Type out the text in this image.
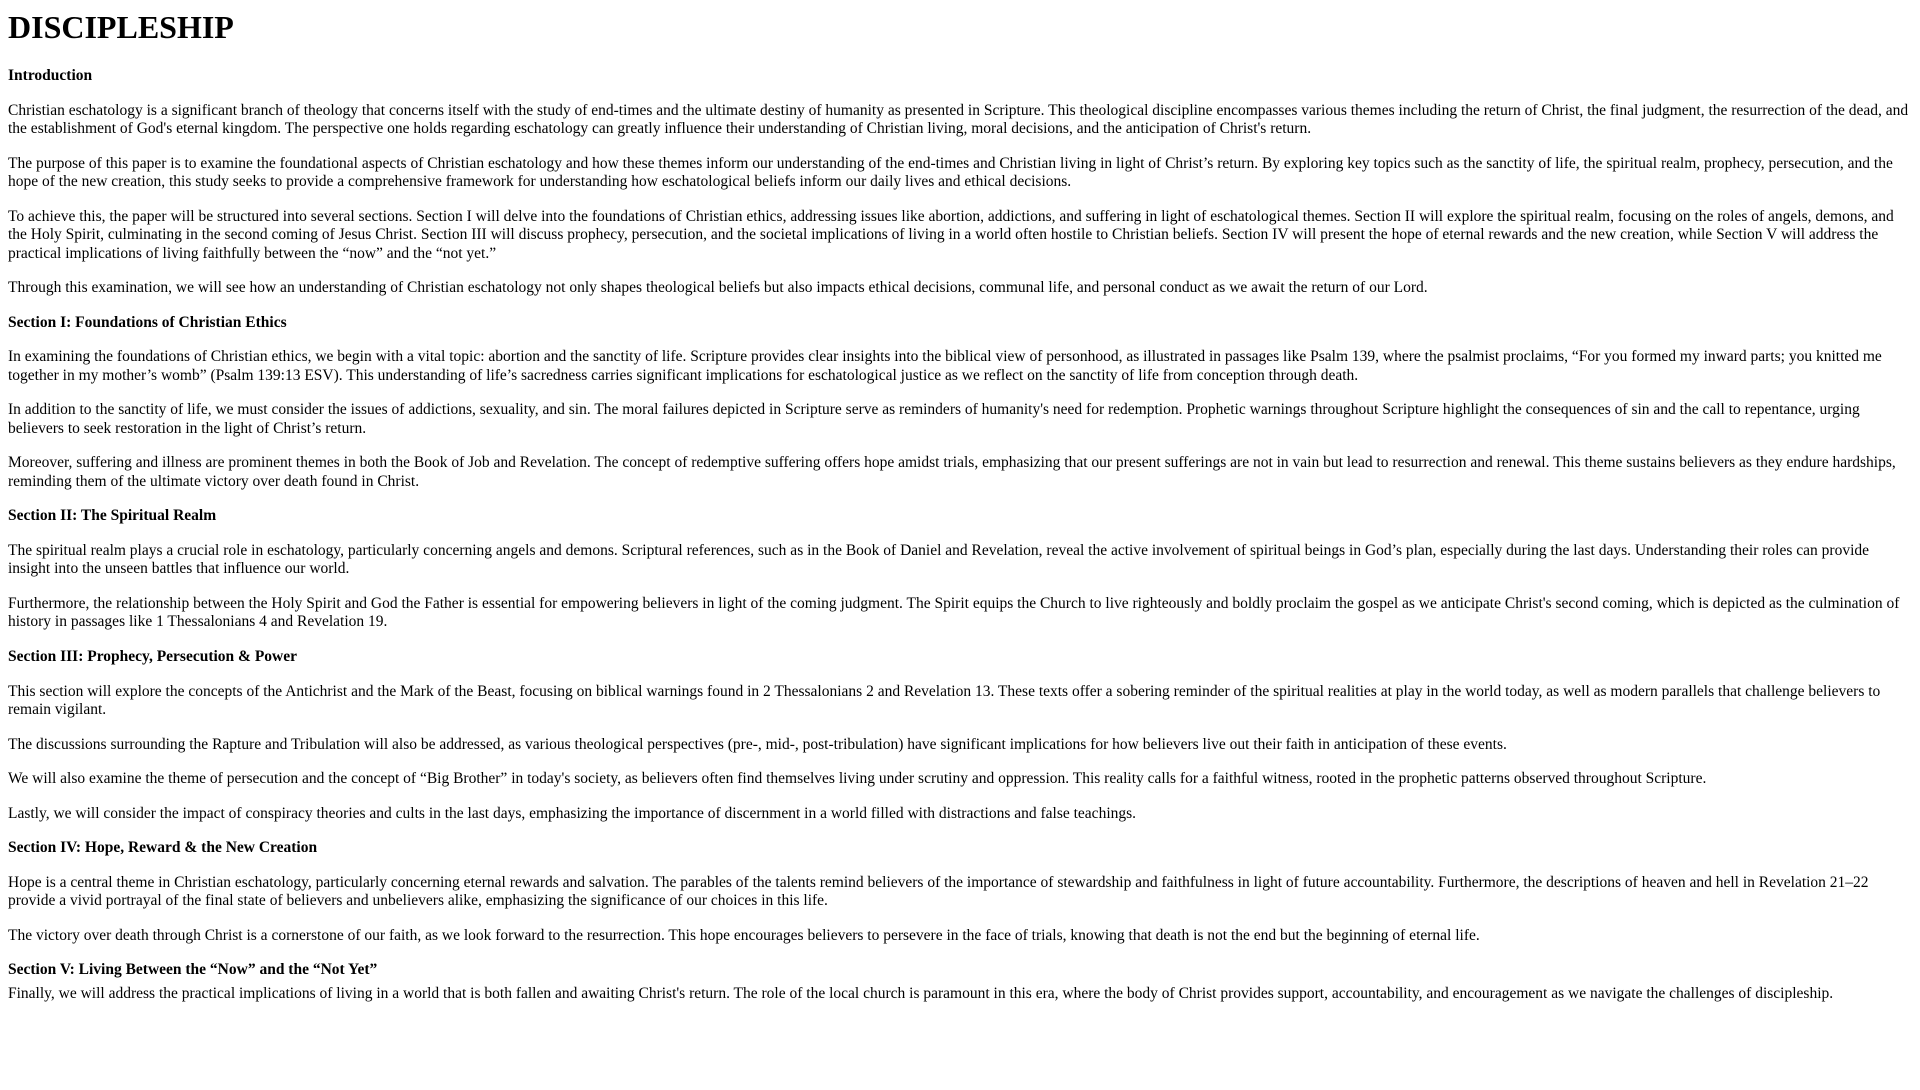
DISCIPLESHIP
Introduction

Christian eschatology is a significant branch of theology that concerns itself with the study of end-times and the ultimate destiny of humanity as presented in Scripture. This theological discipline encompasses various themes including the return of Christ, the final judgment, the resurrection of the dead, and the establishment of God's eternal kingdom. The perspective one holds regarding eschatology can greatly influence their understanding of Christian living, moral decisions, and the anticipation of Christ's return.

The purpose of this paper is to examine the foundational aspects of Christian eschatology and how these themes inform our understanding of the end-times and Christian living in light of Christ’s return. By exploring key topics such as the sanctity of life, the spiritual realm, prophecy, persecution, and the hope of the new creation, this study seeks to provide a comprehensive framework for understanding how eschatological beliefs inform our daily lives and ethical decisions.

To achieve this, the paper will be structured into several sections. Section I will delve into the foundations of Christian ethics, addressing issues like abortion, addictions, and suffering in light of eschatological themes. Section II will explore the spiritual realm, focusing on the roles of angels, demons, and the Holy Spirit, culminating in the second coming of Jesus Christ. Section III will discuss prophecy, persecution, and the societal implications of living in a world often hostile to Christian beliefs. Section IV will present the hope of eternal rewards and the new creation, while Section V will address the practical implications of living faithfully between the “now” and the “not yet.”

Through this examination, we will see how an understanding of Christian eschatology not only shapes theological beliefs but also impacts ethical decisions, communal life, and personal conduct as we await the return of our Lord.

Section I: Foundations of Christian Ethics

In examining the foundations of Christian ethics, we begin with a vital topic: abortion and the sanctity of life. Scripture provides clear insights into the biblical view of personhood, as illustrated in passages like Psalm 139, where the psalmist proclaims, “For you formed my inward parts; you knitted me together in my mother’s womb” (Psalm 139:13 ESV). This understanding of life’s sacredness carries significant implications for eschatological justice as we reflect on the sanctity of life from conception through death.

In addition to the sanctity of life, we must consider the issues of addictions, sexuality, and sin. The moral failures depicted in Scripture serve as reminders of humanity's need for redemption. Prophetic warnings throughout Scripture highlight the consequences of sin and the call to repentance, urging believers to seek restoration in the light of Christ’s return.

Moreover, suffering and illness are prominent themes in both the Book of Job and Revelation. The concept of redemptive suffering offers hope amidst trials, emphasizing that our present sufferings are not in vain but lead to resurrection and renewal. This theme sustains believers as they endure hardships, reminding them of the ultimate victory over death found in Christ.

Section II: The Spiritual Realm

The spiritual realm plays a crucial role in eschatology, particularly concerning angels and demons. Scriptural references, such as in the Book of Daniel and Revelation, reveal the active involvement of spiritual beings in God’s plan, especially during the last days. Understanding their roles can provide insight into the unseen battles that influence our world.

Furthermore, the relationship between the Holy Spirit and God the Father is essential for empowering believers in light of the coming judgment. The Spirit equips the Church to live righteously and boldly proclaim the gospel as we anticipate Christ's second coming, which is depicted as the culmination of history in passages like 1 Thessalonians 4 and Revelation 19.

Section III: Prophecy, Persecution & Power

This section will explore the concepts of the Antichrist and the Mark of the Beast, focusing on biblical warnings found in 2 Thessalonians 2 and Revelation 13. These texts offer a sobering reminder of the spiritual realities at play in the world today, as well as modern parallels that challenge believers to remain vigilant.

The discussions surrounding the Rapture and Tribulation will also be addressed, as various theological perspectives (pre-, mid-, post-tribulation) have significant implications for how believers live out their faith in anticipation of these events.

We will also examine the theme of persecution and the concept of “Big Brother” in today's society, as believers often find themselves living under scrutiny and oppression. This reality calls for a faithful witness, rooted in the prophetic patterns observed throughout Scripture.

Lastly, we will consider the impact of conspiracy theories and cults in the last days, emphasizing the importance of discernment in a world filled with distractions and false teachings.

Section IV: Hope, Reward & the New Creation

Hope is a central theme in Christian eschatology, particularly concerning eternal rewards and salvation. The parables of the talents remind believers of the importance of stewardship and faithfulness in light of future accountability. Furthermore, the descriptions of heaven and hell in Revelation 21–22 provide a vivid portrayal of the final state of believers and unbelievers alike, emphasizing the significance of our choices in this life.

The victory over death through Christ is a cornerstone of our faith, as we look forward to the resurrection. This hope encourages believers to persevere in the face of trials, knowing that death is not the end but the beginning of eternal life.

Section V: Living Between the “Now” and the “Not Yet”

Finally, we will address the practical implications of living in a world that is both fallen and awaiting Christ's return. The role of the local church is paramount in this era, where the body of Christ provides support, accountability, and encouragement as we navigate the challenges of discipleship.
